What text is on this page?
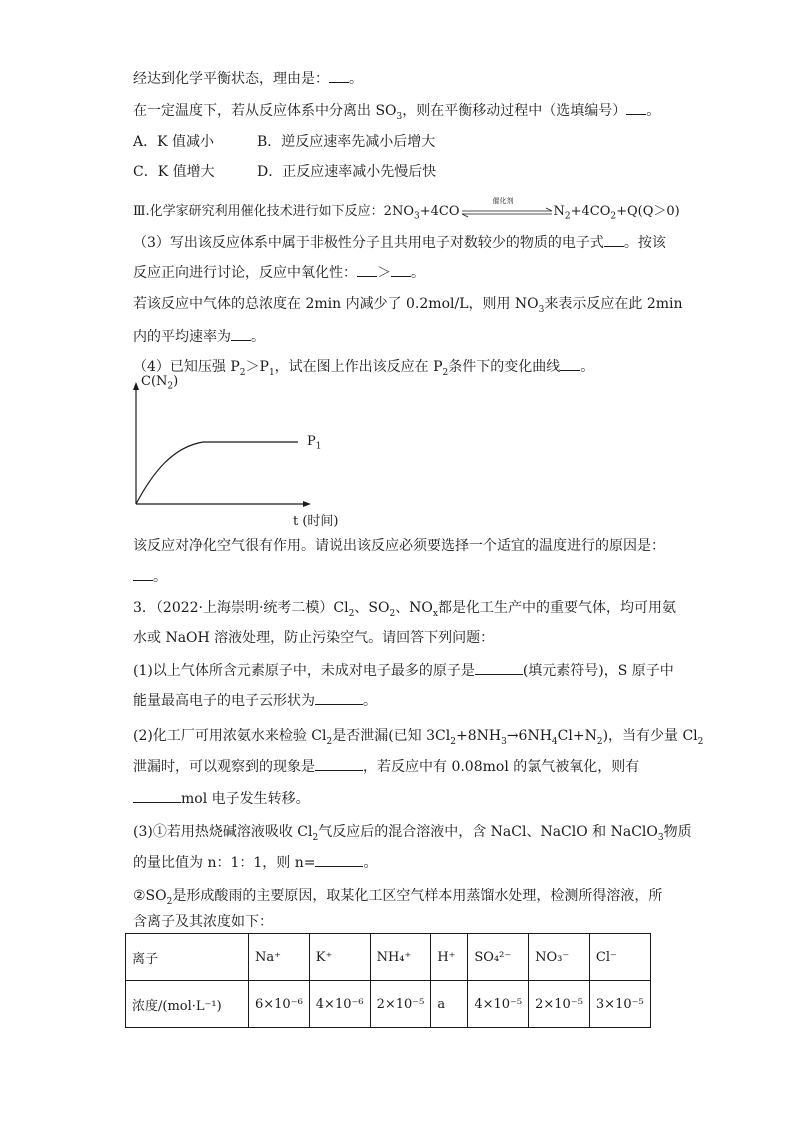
经达到化学平衡状态，理由是： 。
在一定温度下，若从反应体系中分离出 $SO_3$，则在平衡移动过程中（选填编号） 。
A．K 值减小	B．逆反应速率先减小后增大
C．K 值增大	D．正反应速率减小先慢后快
Ⅲ.化学家研究利用催化技术进行如下反应：$2NO_3+4CO$
催化剂
$N_2+4CO_2+Q(Q>0)$
（3）写出该反应体系中属于非极性分子且共用电子对数较少的物质的电子式 。按该
反应正向进行讨论，反应中氧化性： ＞ 。
若该反应中气体的总浓度在 2min 内减少了 0.2mol/L，则用 $NO_3$来表示反应在此 2min
内的平均速率为 。
（4）已知压强 $P_2>P_1$，试在图上作出该反应在 $P_2$条件下的变化曲线 。
$C(N_2)$
$P_1$
t (时间)
该反应对净化空气很有作用。请说出该反应必须要选择一个适宜的温度进行的原因是：
。
3．（2022·上海崇明·统考二模）$Cl_2$、$SO_2$、$NO_x$都是化工生产中的重要气体，均可用氨
水或 NaOH 溶液处理，防止污染空气。请回答下列问题：
(1)以上气体所含元素原子中，未成对电子最多的原子是	(填元素符号)，S 原子中
能量最高电子的电子云形状为	。
(2)化工厂可用浓氨水来检验 $Cl_2$是否泄漏(已知 $3Cl_2+8NH_3\to 6NH_4Cl+N_2$)，当有少量 $Cl_2$
泄漏时，可以观察到的现象是	，若反应中有 0.08mol 的氯气被氧化，则有
mol 电子发生转移。
(3)①若用热烧碱溶液吸收 $Cl_2$气反应后的混合溶液中，含 NaCl、NaClO 和 NaClO$_3$物质
的量比值为 n：1：1，则 n=	。
$②SO_2$是形成酸雨的主要原因，取某化工区空气样本用蒸馏水处理，检测所得溶液，所
含离子及其浓度如下：
离子	Na⁺	K⁺	NH₄⁺	H⁺	SO₄²⁻	NO₃⁻	Cl⁻
浓度/(mol·L⁻¹)	6×10⁻⁶	4×10⁻⁶	2×10⁻⁵	a	4×10⁻⁵	2×10⁻⁵	3×10⁻⁵
